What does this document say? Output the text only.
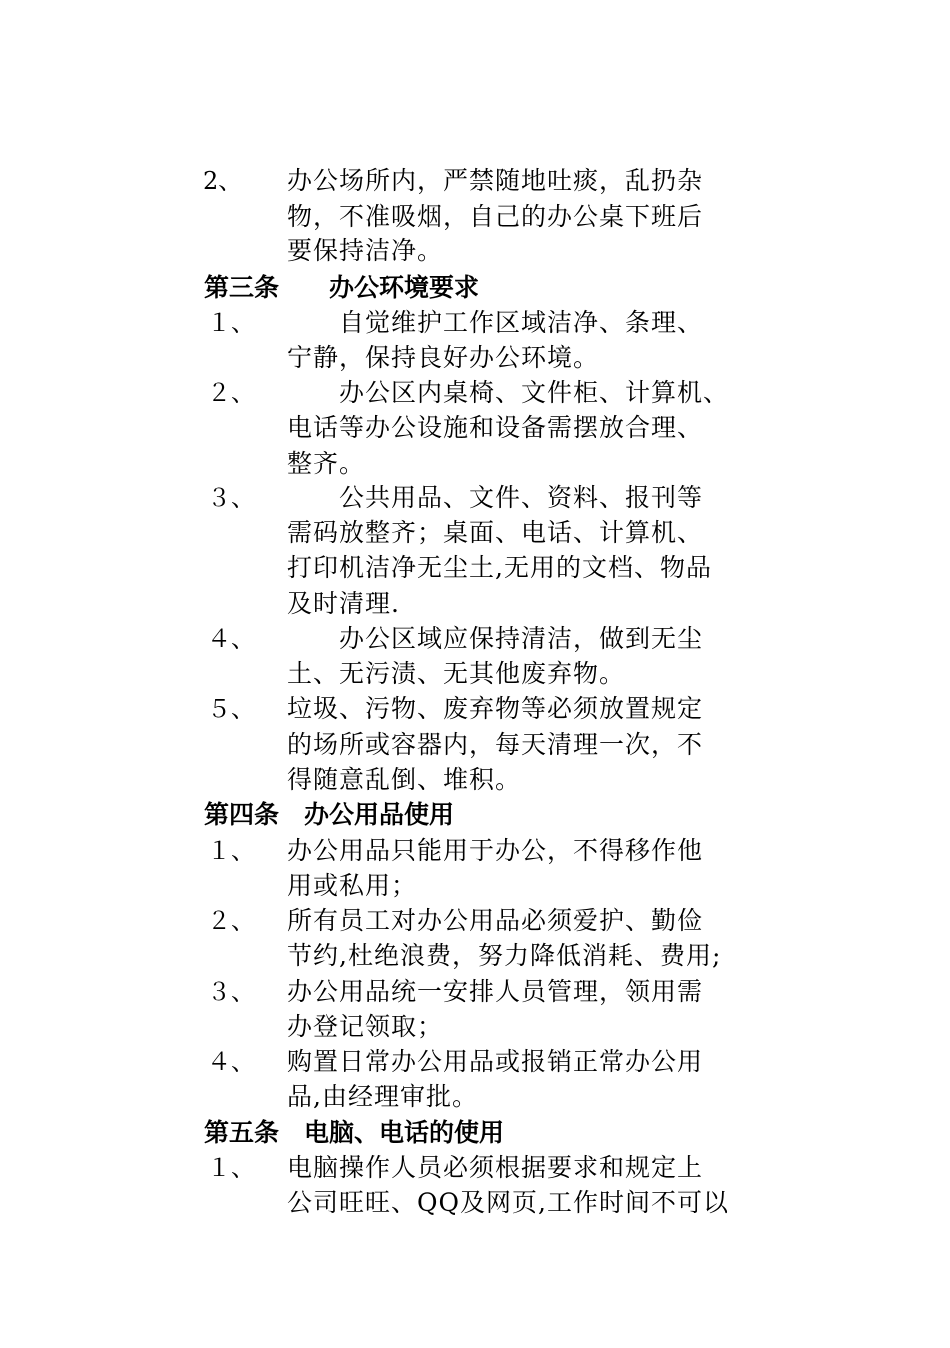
2、 办公场所内，严禁随地吐痰，乱扔杂
物，不准吸烟，自己的办公桌下班后
要保持洁净。
第三条　　办公环境要求
１、 　　自觉维护工作区域洁净、条理、
宁静，保持良好办公环境。
２、 　　办公区内桌椅、文件柜、计算机、
电话等办公设施和设备需摆放合理、
整齐。
３、 　　公共用品、文件、资料、报刊等
需码放整齐；桌面、电话、计算机、
打印机洁净无尘土,无用的文档、物品
及时清理.
４、 　　办公区域应保持清洁，做到无尘
土、无污渍、无其他废弃物。
５、 垃圾、污物、废弃物等必须放置规定
的场所或容器内，每天清理一次，不
得随意乱倒、堆积。
第四条　办公用品使用
１、 办公用品只能用于办公，不得移作他
用或私用；
２、 所有员工对办公用品必须爱护、勤俭
节约,杜绝浪费，努力降低消耗、费用;
３、 办公用品统一安排人员管理，领用需
办登记领取；
４、 购置日常办公用品或报销正常办公用
品,由经理审批。
第五条　电脑、电话的使用
１、 电脑操作人员必须根据要求和规定上
公司旺旺、QQ及网页,工作时间不可以
